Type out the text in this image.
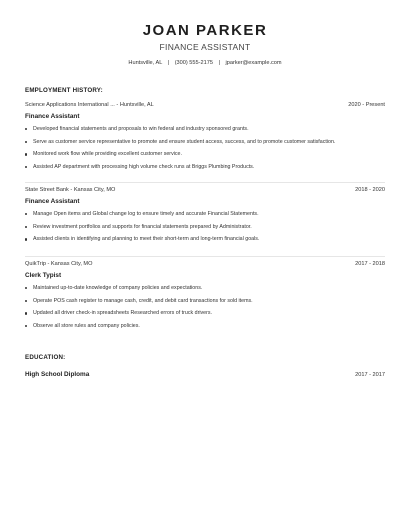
JOAN PARKER
FINANCE ASSISTANT
Huntsville, AL | (300) 555-2175 | jparker@example.com
EMPLOYMENT HISTORY:
Science Applications International ... - Huntsville, AL	2020 - Present
Finance Assistant
Developed financial statements and proposals to win federal and industry sponsored grants.
Serve as customer service representative to promote and ensure student access, success, and to promote customer satisfaction.
Monitored work flow while providing excellent customer service.
Assisted AP department with processing high volume check runs at Briggs Plumbing Products.
State Street Bank - Kansas City, MO	2018 - 2020
Finance Assistant
Manage Open items and Global change log to ensure timely and accurate Financial Statements.
Review investment portfolios and supports for financial statements prepared by Administrator.
Assisted clients in identifying and planning to meet their short-term and long-term financial goals.
QuikTrip - Kansas City, MO	2017 - 2018
Clerk Typist
Maintained up-to-date knowledge of company policies and expectations.
Operate POS cash register to manage cash, credit, and debit card transactions for sold items.
Updated all driver check-in spreadsheets Researched errors of truck drivers.
Observe all store rules and company policies.
EDUCATION:
High School Diploma	2017 - 2017
